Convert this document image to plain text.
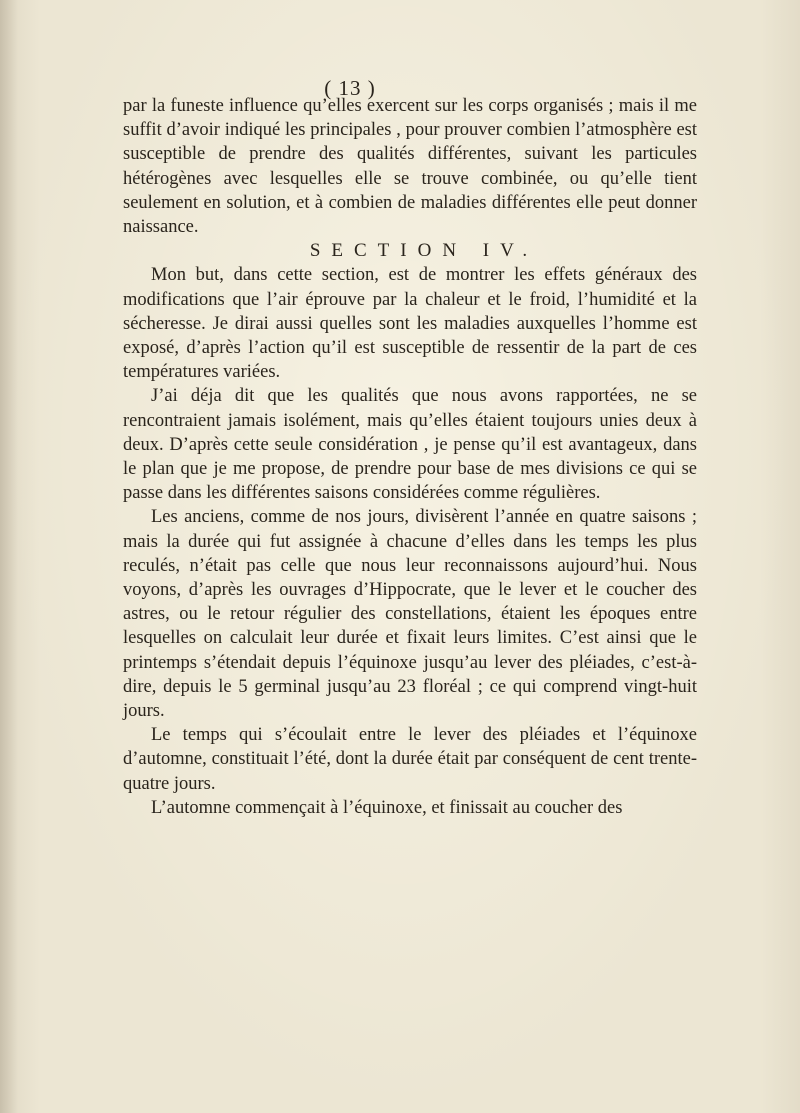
( 13 )

par la funeste influence qu’elles exercent sur les corps organisés ; mais il me suffit d’avoir indiqué les principales , pour prouver combien l’atmosphère est susceptible de prendre des qualités différentes, suivant les particules hétérogènes avec lesquelles elle se trouve combinée, ou qu’elle tient seulement en solution, et à combien de maladies différentes elle peut donner naissance.

SECTION IV.

Mon but, dans cette section, est de montrer les effets généraux des modifications que l’air éprouve par la chaleur et le froid, l’humidité et la sécheresse. Je dirai aussi quelles sont les maladies auxquelles l’homme est exposé, d’après l’action qu’il est susceptible de ressentir de la part de ces températures variées.

J’ai déja dit que les qualités que nous avons rapportées, ne se rencontraient jamais isolément, mais qu’elles étaient toujours unies deux à deux. D’après cette seule considération , je pense qu’il est avantageux, dans le plan que je me propose, de prendre pour base de mes divisions ce qui se passe dans les différentes saisons considérées comme régulières.

Les anciens, comme de nos jours, divisèrent l’année en quatre saisons ; mais la durée qui fut assignée à chacune d’elles dans les temps les plus reculés, n’était pas celle que nous leur reconnaissons aujourd’hui. Nous voyons, d’après les ouvrages d’Hippocrate, que le lever et le coucher des astres, ou le retour régulier des constellations, étaient les époques entre lesquelles on calculait leur durée et fixait leurs limites. C’est ainsi que le printemps s’étendait depuis l’équinoxe jusqu’au lever des pléiades, c’est-à-dire, depuis le 5 germinal jusqu’au 23 floréal ; ce qui comprend vingt-huit jours.

Le temps qui s’écoulait entre le lever des pléiades et l’équinoxe d’automne, constituait l’été, dont la durée était par conséquent de cent trente-quatre jours.

L’automne commençait à l’équinoxe, et finissait au coucher des
